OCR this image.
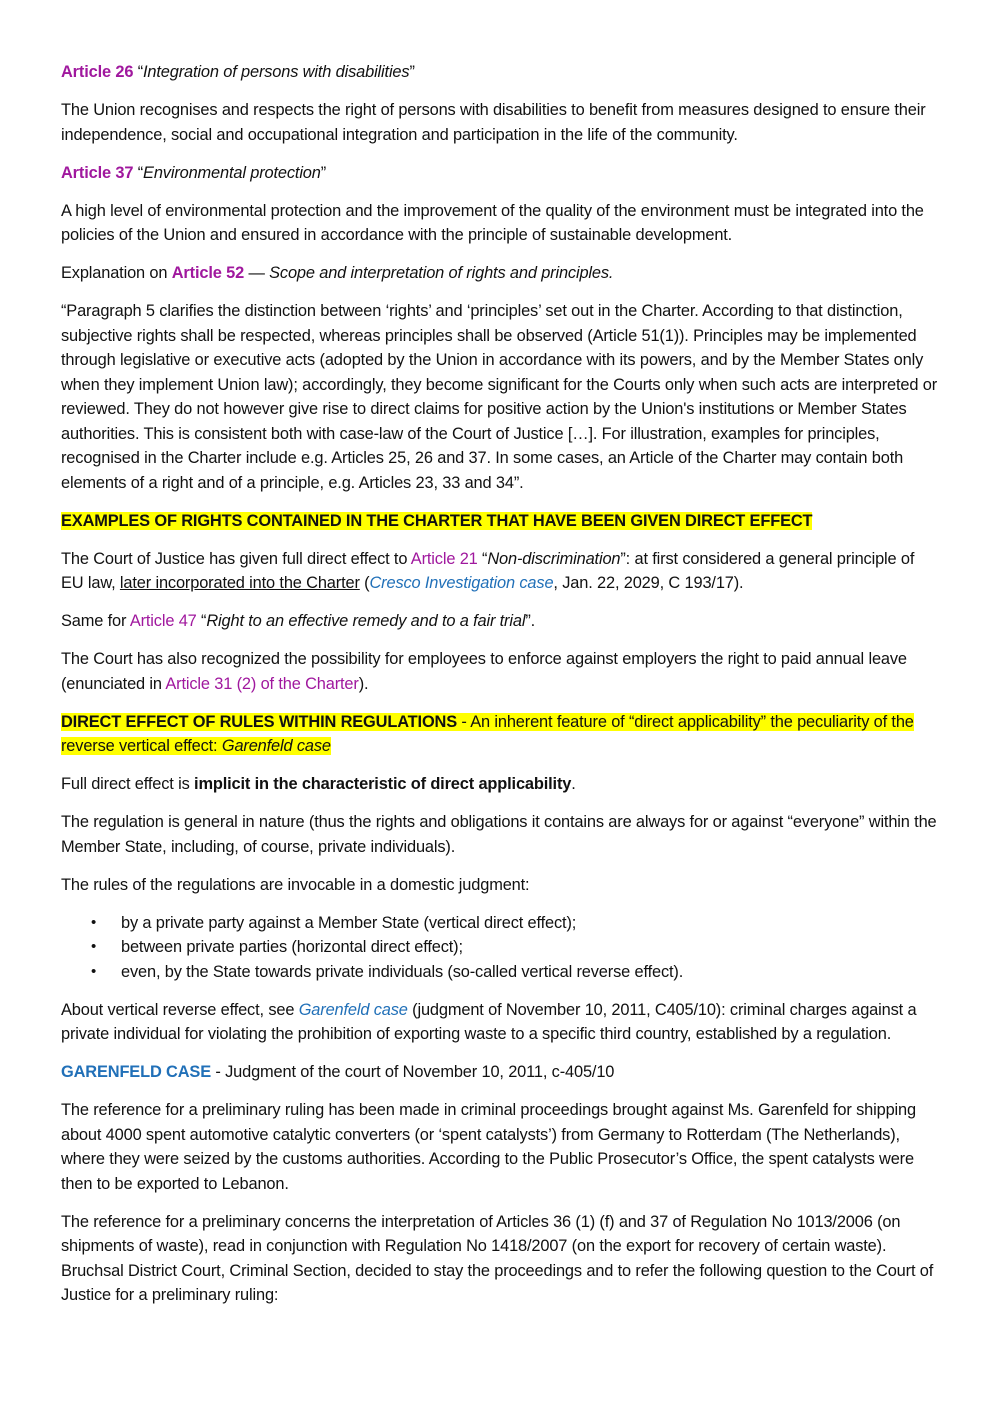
Article 26 “Integration of persons with disabilities”

The Union recognises and respects the right of persons with disabilities to benefit from measures designed to ensure their independence, social and occupational integration and participation in the life of the community.

Article 37 “Environmental protection”

A high level of environmental protection and the improvement of the quality of the environment must be integrated into the policies of the Union and ensured in accordance with the principle of sustainable development.

Explanation on Article 52 — Scope and interpretation of rights and principles.

“Paragraph 5 clarifies the distinction between ‘rights’ and ‘principles’ set out in the Charter. According to that distinction, subjective rights shall be respected, whereas principles shall be observed (Article 51(1)). Principles may be implemented through legislative or executive acts (adopted by the Union in accordance with its powers, and by the Member States only when they implement Union law); accordingly, they become significant for the Courts only when such acts are interpreted or reviewed. They do not however give rise to direct claims for positive action by the Union's institutions or Member States authorities. This is consistent both with case-law of the Court of Justice […]. For illustration, examples for principles, recognised in the Charter include e.g. Articles 25, 26 and 37. In some cases, an Article of the Charter may contain both elements of a right and of a principle, e.g. Articles 23, 33 and 34”.

EXAMPLES OF RIGHTS CONTAINED IN THE CHARTER THAT HAVE BEEN GIVEN DIRECT EFFECT

The Court of Justice has given full direct effect to Article 21 “Non-discrimination”: at first considered a general principle of EU law, later incorporated into the Charter (Cresco Investigation case, Jan. 22, 2029, C 193/17).

Same for Article 47 “Right to an effective remedy and to a fair trial”.

The Court has also recognized the possibility for employees to enforce against employers the right to paid annual leave (enunciated in Article 31 (2) of the Charter).

DIRECT EFFECT OF RULES WITHIN REGULATIONS - An inherent feature of “direct applicability” the peculiarity of the reverse vertical effect: Garenfeld case

Full direct effect is implicit in the characteristic of direct applicability.

The regulation is general in nature (thus the rights and obligations it contains are always for or against “everyone” within the Member State, including, of course, private individuals).

The rules of the regulations are invocable in a domestic judgment:

• by a private party against a Member State (vertical direct effect);
• between private parties (horizontal direct effect);
• even, by the State towards private individuals (so-called vertical reverse effect).

About vertical reverse effect, see Garenfeld case (judgment of November 10, 2011, C405/10): criminal charges against a private individual for violating the prohibition of exporting waste to a specific third country, established by a regulation.

GARENFELD CASE - Judgment of the court of November 10, 2011, c-405/10

The reference for a preliminary ruling has been made in criminal proceedings brought against Ms. Garenfeld for shipping about 4000 spent automotive catalytic converters (or ‘spent catalysts’) from Germany to Rotterdam (The Netherlands), where they were seized by the customs authorities. According to the Public Prosecutor’s Office, the spent catalysts were then to be exported to Lebanon.

The reference for a preliminary concerns the interpretation of Articles 36 (1) (f) and 37 of Regulation No 1013/2006 (on shipments of waste), read in conjunction with Regulation No 1418/2007 (on the export for recovery of certain waste). Bruchsal District Court, Criminal Section, decided to stay the proceedings and to refer the following question to the Court of Justice for a preliminary ruling:
